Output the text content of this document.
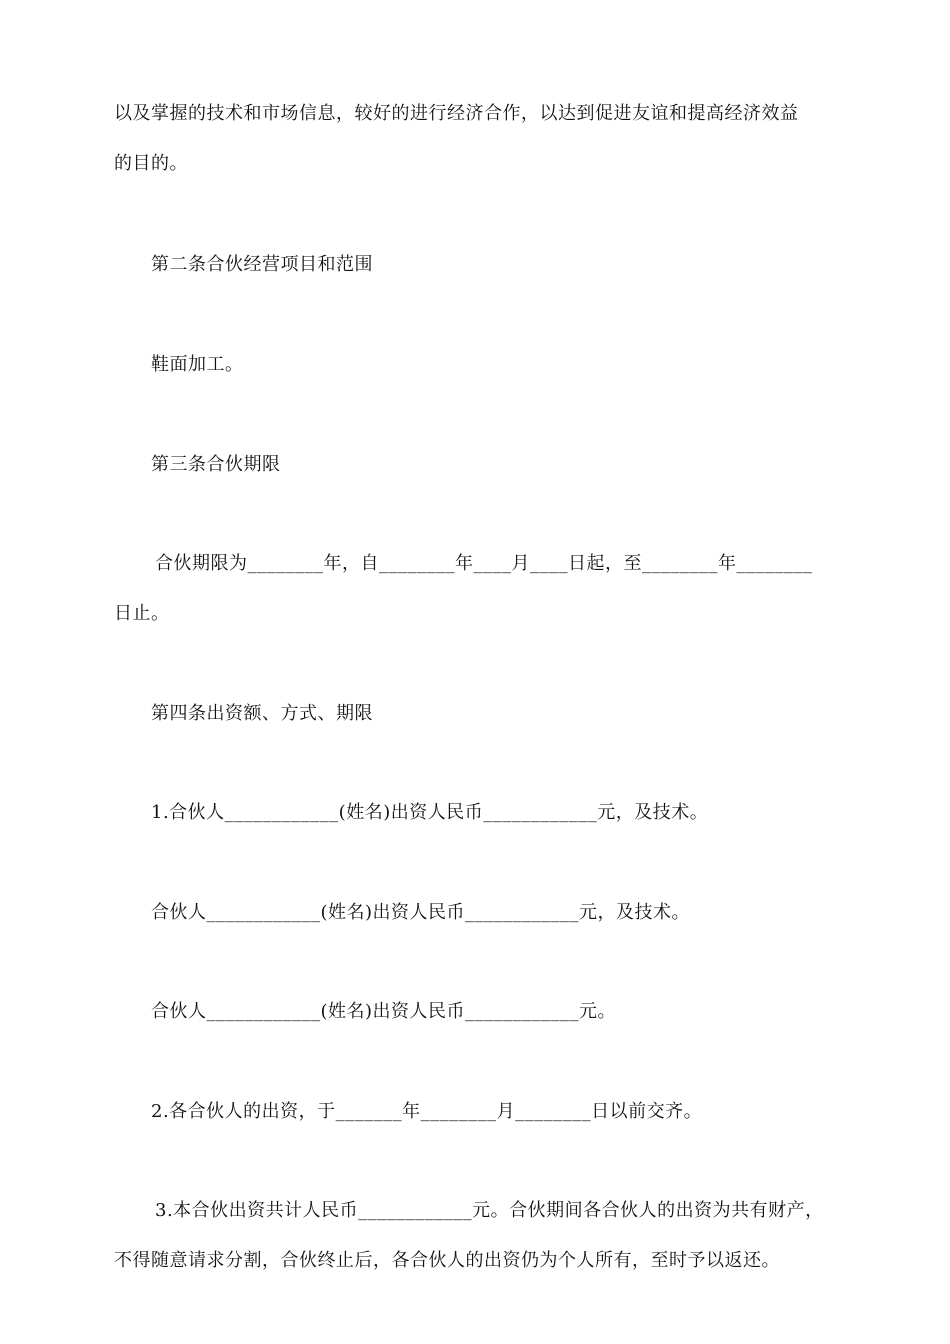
以及掌握的技术和市场信息，较好的进行经济合作，以达到促进友谊和提高经济效益
的目的。
第二条合伙经营项目和范围
鞋面加工。
第三条合伙期限
合伙期限为________年，自________年____月____日起，至________年________
日止。
第四条出资额、方式、期限
1.合伙人____________(姓名)出资人民币____________元，及技术。
合伙人____________(姓名)出资人民币____________元，及技术。
合伙人____________(姓名)出资人民币____________元。
2.各合伙人的出资，于_______年________月________日以前交齐。
3.本合伙出资共计人民币____________元。合伙期间各合伙人的出资为共有财产，
不得随意请求分割，合伙终止后，各合伙人的出资仍为个人所有，至时予以返还。
